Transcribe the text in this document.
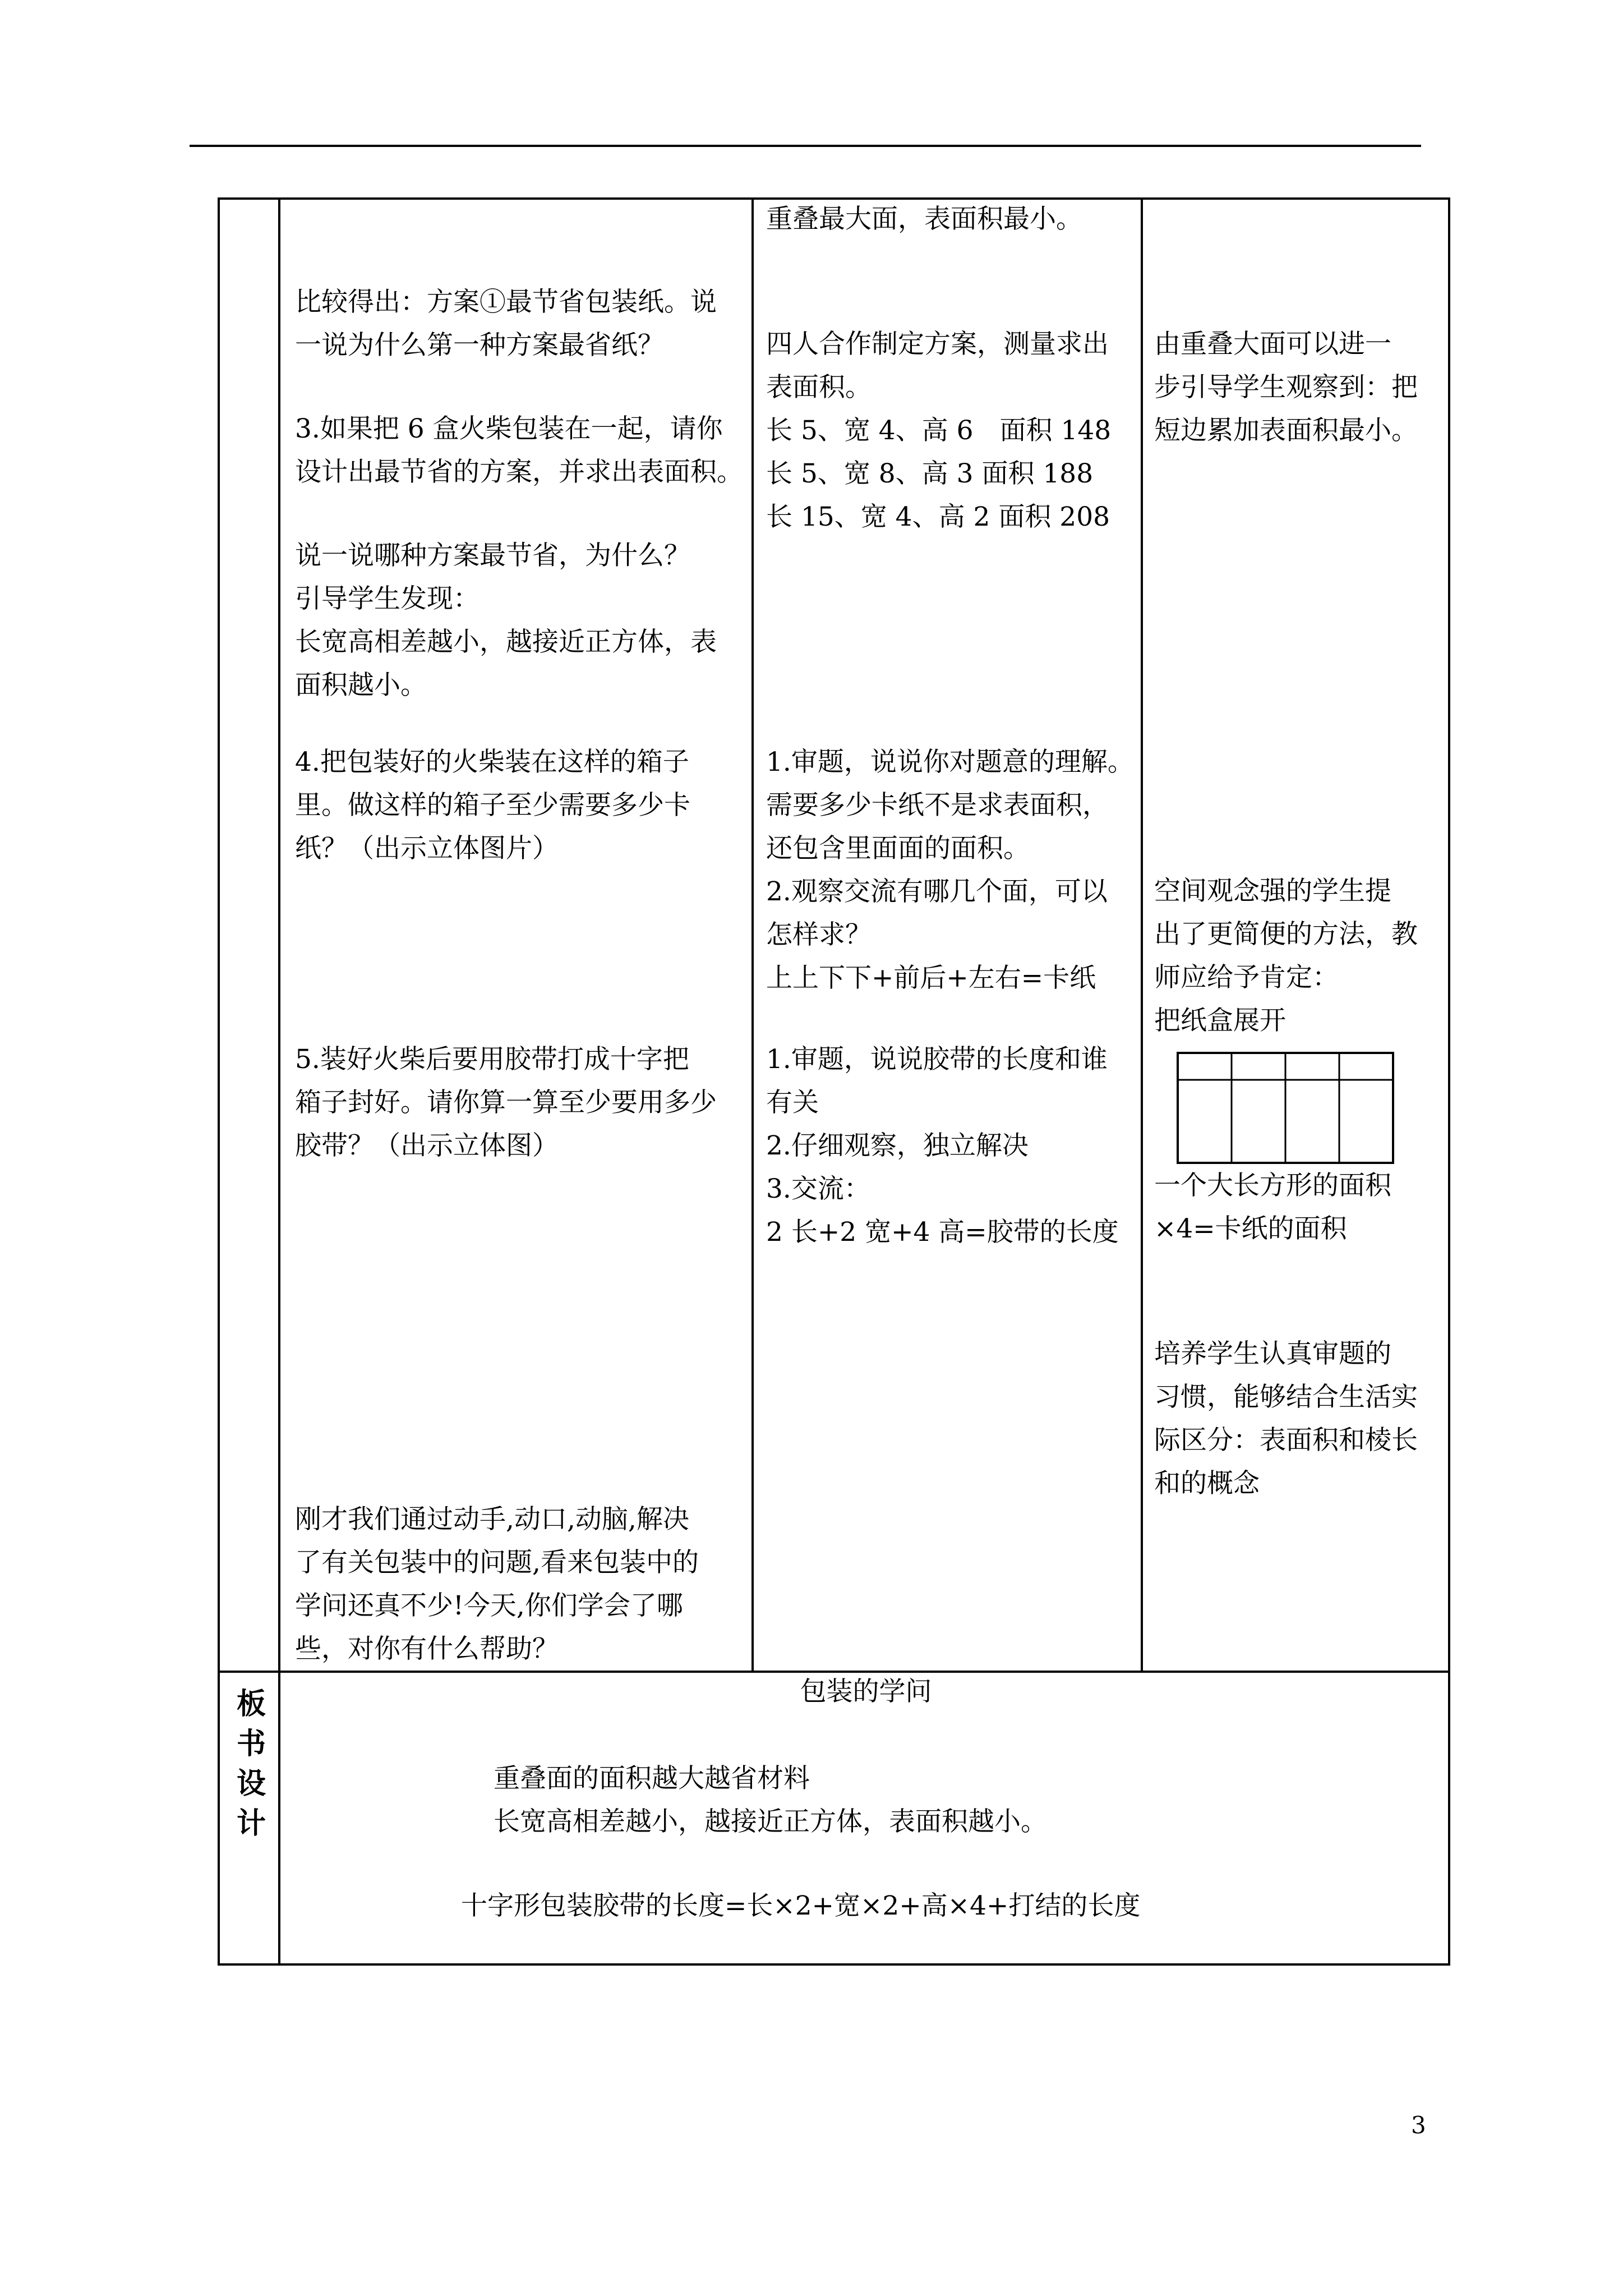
比较得出：方案①最节省包装纸。说

一说为什么第一种方案最省纸？

3.如果把 6 盒火柴包装在一起，请你

设计出最节省的方案，并求出表面积。

说一说哪种方案最节省，为什么？

引导学生发现：

长宽高相差越小，越接近正方体，表

面积越小。

4.把包装好的火柴装在这样的箱子

里。做这样的箱子至少需要多少卡

纸？（出示立体图片）

5.装好火柴后要用胶带打成十字把

箱子封好。请你算一算至少要用多少

胶带？（出示立体图）

刚才我们通过动手,动口,动脑,解决

了有关包装中的问题,看来包装中的

学问还真不少!今天,你们学会了哪

些，对你有什么帮助？

重叠最大面，表面积最小。

四人合作制定方案，测量求出

表面积。

长 5、宽 4、高 6　面积 148

长 5、宽 8、高 3 面积 188

长 15、宽 4、高 2 面积 208

1.审题，说说你对题意的理解。

需要多少卡纸不是求表面积，

还包含里面面的面积。

2.观察交流有哪几个面，可以

怎样求？

上上下下+前后+左右=卡纸

1.审题，说说胶带的长度和谁

有关

2.仔细观察，独立解决

3.交流：

2 长+2 宽+4 高=胶带的长度

由重叠大面可以进一

步引导学生观察到：把

短边累加表面积最小。

空间观念强的学生提

出了更简便的方法，教

师应给予肯定：

把纸盒展开

一个大长方形的面积

×4=卡纸的面积

培养学生认真审题的

习惯，能够结合生活实

际区分：表面积和棱长

和的概念

板
书
设
计
包装的学问
重叠面的面积越大越省材料
长宽高相差越小，越接近正方体，表面积越小。
十字形包装胶带的长度=长×2+宽×2+高×4+打结的长度
3
